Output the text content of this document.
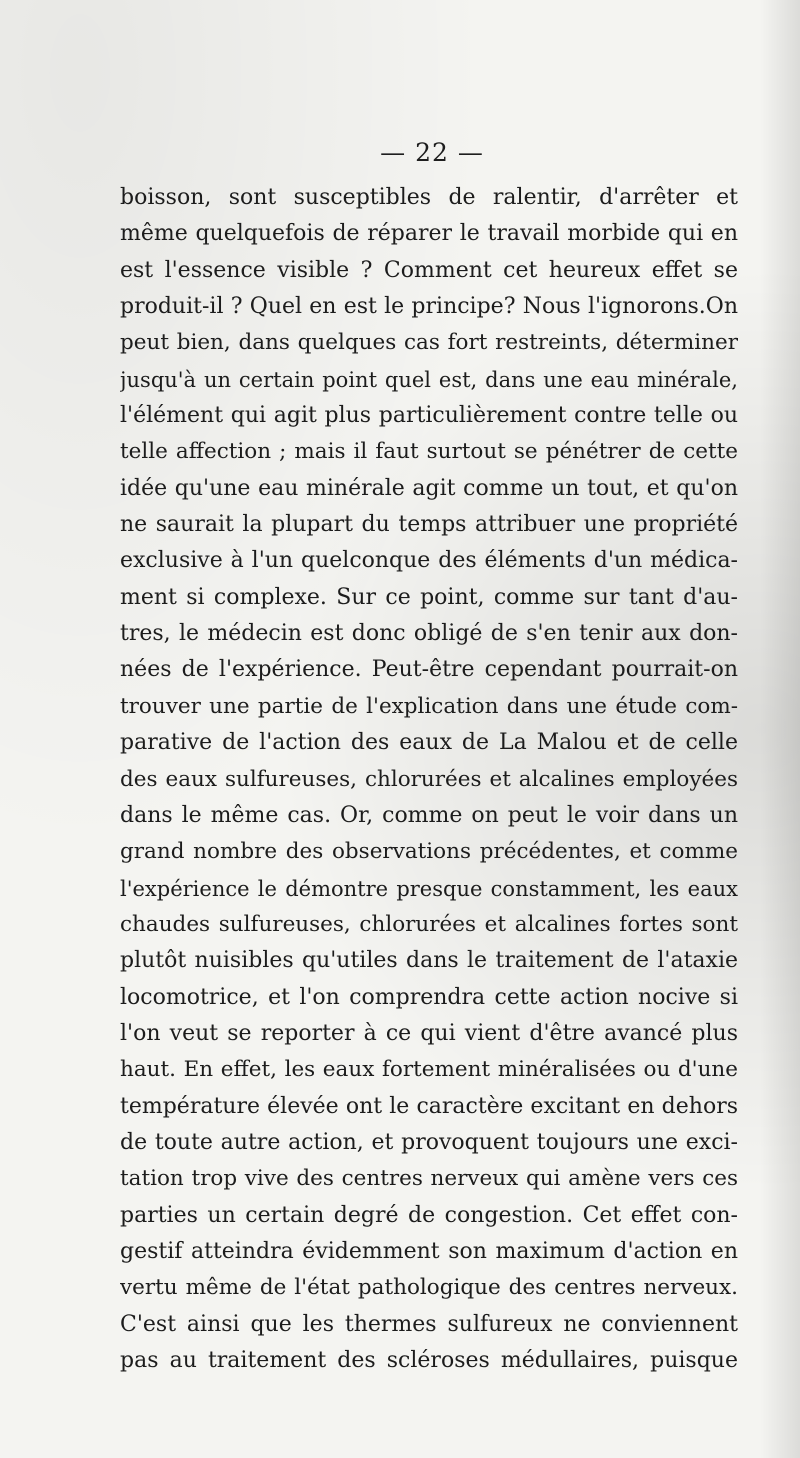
— 22 —
boisson, sont susceptibles de ralentir, d'arrêter et
même quelquefois de réparer le travail morbide qui en
est l'essence visible ? Comment cet heureux effet se
produit-il ? Quel en est le principe? Nous l'ignorons.On
peut bien, dans quelques cas fort restreints, déterminer
jusqu'à un certain point quel est, dans une eau minérale,
l'élément qui agit plus particulièrement contre telle ou
telle affection ; mais il faut surtout se pénétrer de cette
idée qu'une eau minérale agit comme un tout, et qu'on
ne saurait la plupart du temps attribuer une propriété
exclusive à l'un quelconque des éléments d'un médica-
ment si complexe. Sur ce point, comme sur tant d'au-
tres, le médecin est donc obligé de s'en tenir aux don-
nées de l'expérience. Peut-être cependant pourrait-on
trouver une partie de l'explication dans une étude com-
parative de l'action des eaux de La Malou et de celle
des eaux sulfureuses, chlorurées et alcalines employées
dans le même cas. Or, comme on peut le voir dans un
grand nombre des observations précédentes, et comme
l'expérience le démontre presque constamment, les eaux
chaudes sulfureuses, chlorurées et alcalines fortes sont
plutôt nuisibles qu'utiles dans le traitement de l'ataxie
locomotrice, et l'on comprendra cette action nocive si
l'on veut se reporter à ce qui vient d'être avancé plus
haut. En effet, les eaux fortement minéralisées ou d'une
température élevée ont le caractère excitant en dehors
de toute autre action, et provoquent toujours une exci-
tation trop vive des centres nerveux qui amène vers ces
parties un certain degré de congestion. Cet effet con-
gestif atteindra évidemment son maximum d'action en
vertu même de l'état pathologique des centres nerveux.
C'est ainsi que les thermes sulfureux ne conviennent
pas au traitement des scléroses médullaires, puisque
